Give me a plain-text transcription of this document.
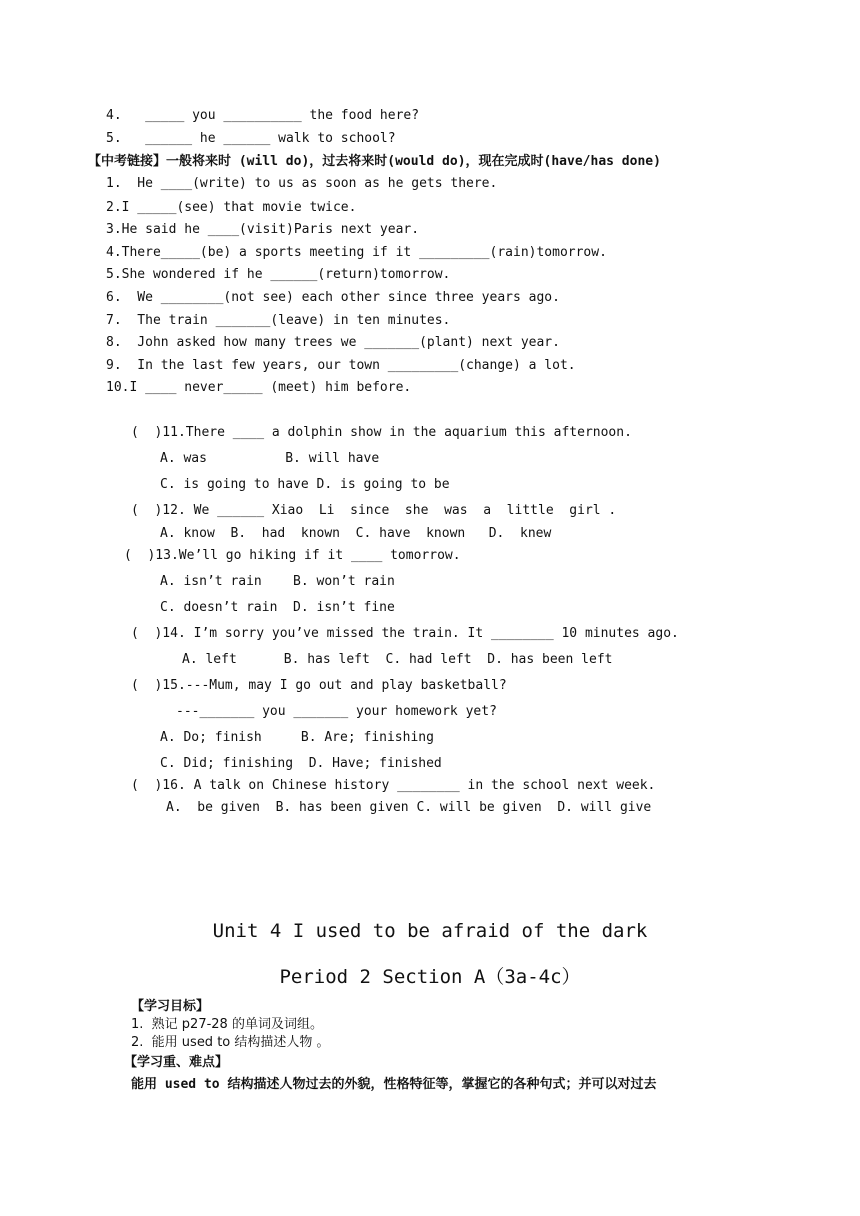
4.   _____ you __________ the food here?
5.   ______ he ______ walk to school?
【中考链接】一般将来时 (will do)，过去将来时(would do)，现在完成时(have/has done)
1.  He ____(write) to us as soon as he gets there.
2.I _____(see) that movie twice.
3.He said he ____(visit)Paris next year.
4.There_____(be) a sports meeting if it _________(rain)tomorrow.
5.She wondered if he ______(return)tomorrow.
6.  We ________(not see) each other since three years ago.
7.  The train _______(leave) in ten minutes.
8.  John asked how many trees we _______(plant) next year.
9.  In the last few years, our town _________(change) a lot.
10.I ____ never_____ (meet) him before.
(  )11.There ____ a dolphin show in the aquarium this afternoon.
A. was          B. will have
C. is going to have D. is going to be
(  )12. We ______ Xiao  Li  since  she  was  a  little  girl .
A. know  B.  had  known  C. have  known   D.  knew
(  )13.We’ll go hiking if it ____ tomorrow.
A. isn’t rain    B. won’t rain
C. doesn’t rain  D. isn’t fine
(  )14. I’m sorry you’ve missed the train. It ________ 10 minutes ago.
A. left      B. has left  C. had left  D. has been left
(  )15.---Mum, may I go out and play basketball?
---_______ you _______ your homework yet?
A. Do; finish     B. Are; finishing
C. Did; finishing  D. Have; finished
(  )16. A talk on Chinese history ________ in the school next week.
A.  be given  B. has been given C. will be given  D. will give
Unit 4 I used to be afraid of the dark
Period 2 Section A（3a-4c）
【学习目标】
1.  熟记 p27-28 的单词及词组。
2.  能用 used to 结构描述人物 。
【学习重、难点】
能用 used to 结构描述人物过去的外貌，性格特征等，掌握它的各种句式；并可以对过去
